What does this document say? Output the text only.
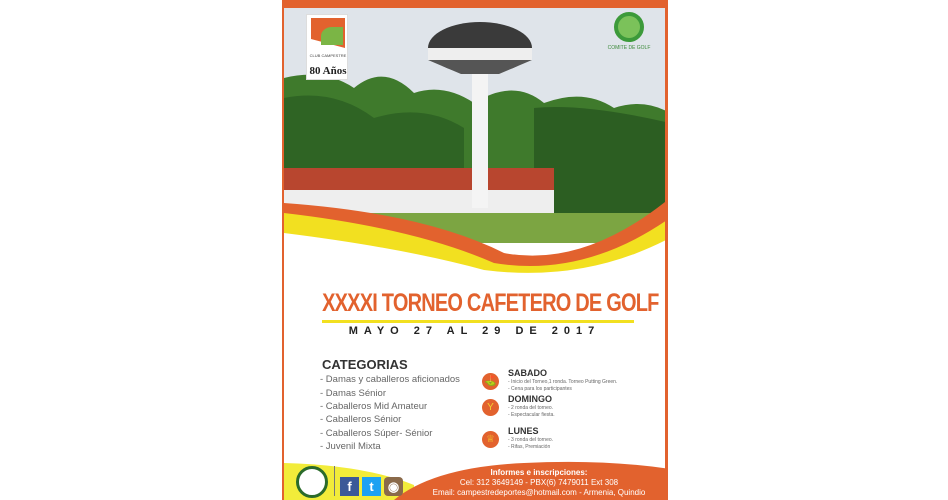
CLUB CAMPESTRE
80 Años
COMITE DE GOLF
XXXXI TORNEO CAFETERO DE GOLF
MAYO 27 AL 29 DE 2017
CATEGORIAS
- Damas y caballeros aficionados
- Damas Sénior
- Caballeros Mid Amateur
- Caballeros Sénior
- Caballeros Súper- Sénior
- Juvenil Mixta
⛳
SABADO
- Inicio del Torneo,1 ronda. Torneo Putting Green.
- Cena para los participantes
Y
DOMINGO
- 2 ronda del torneo.
- Espectacular fiesta.
♕
LUNES
- 3 ronda del torneo.
- Rifas, Premiación
f	t	◉
Informes e inscripciones:
Cel: 312 3649149 - PBX(6) 7479011 Ext 308
Email: campestredeportes@hotmail.com - Armenia, Quindio
